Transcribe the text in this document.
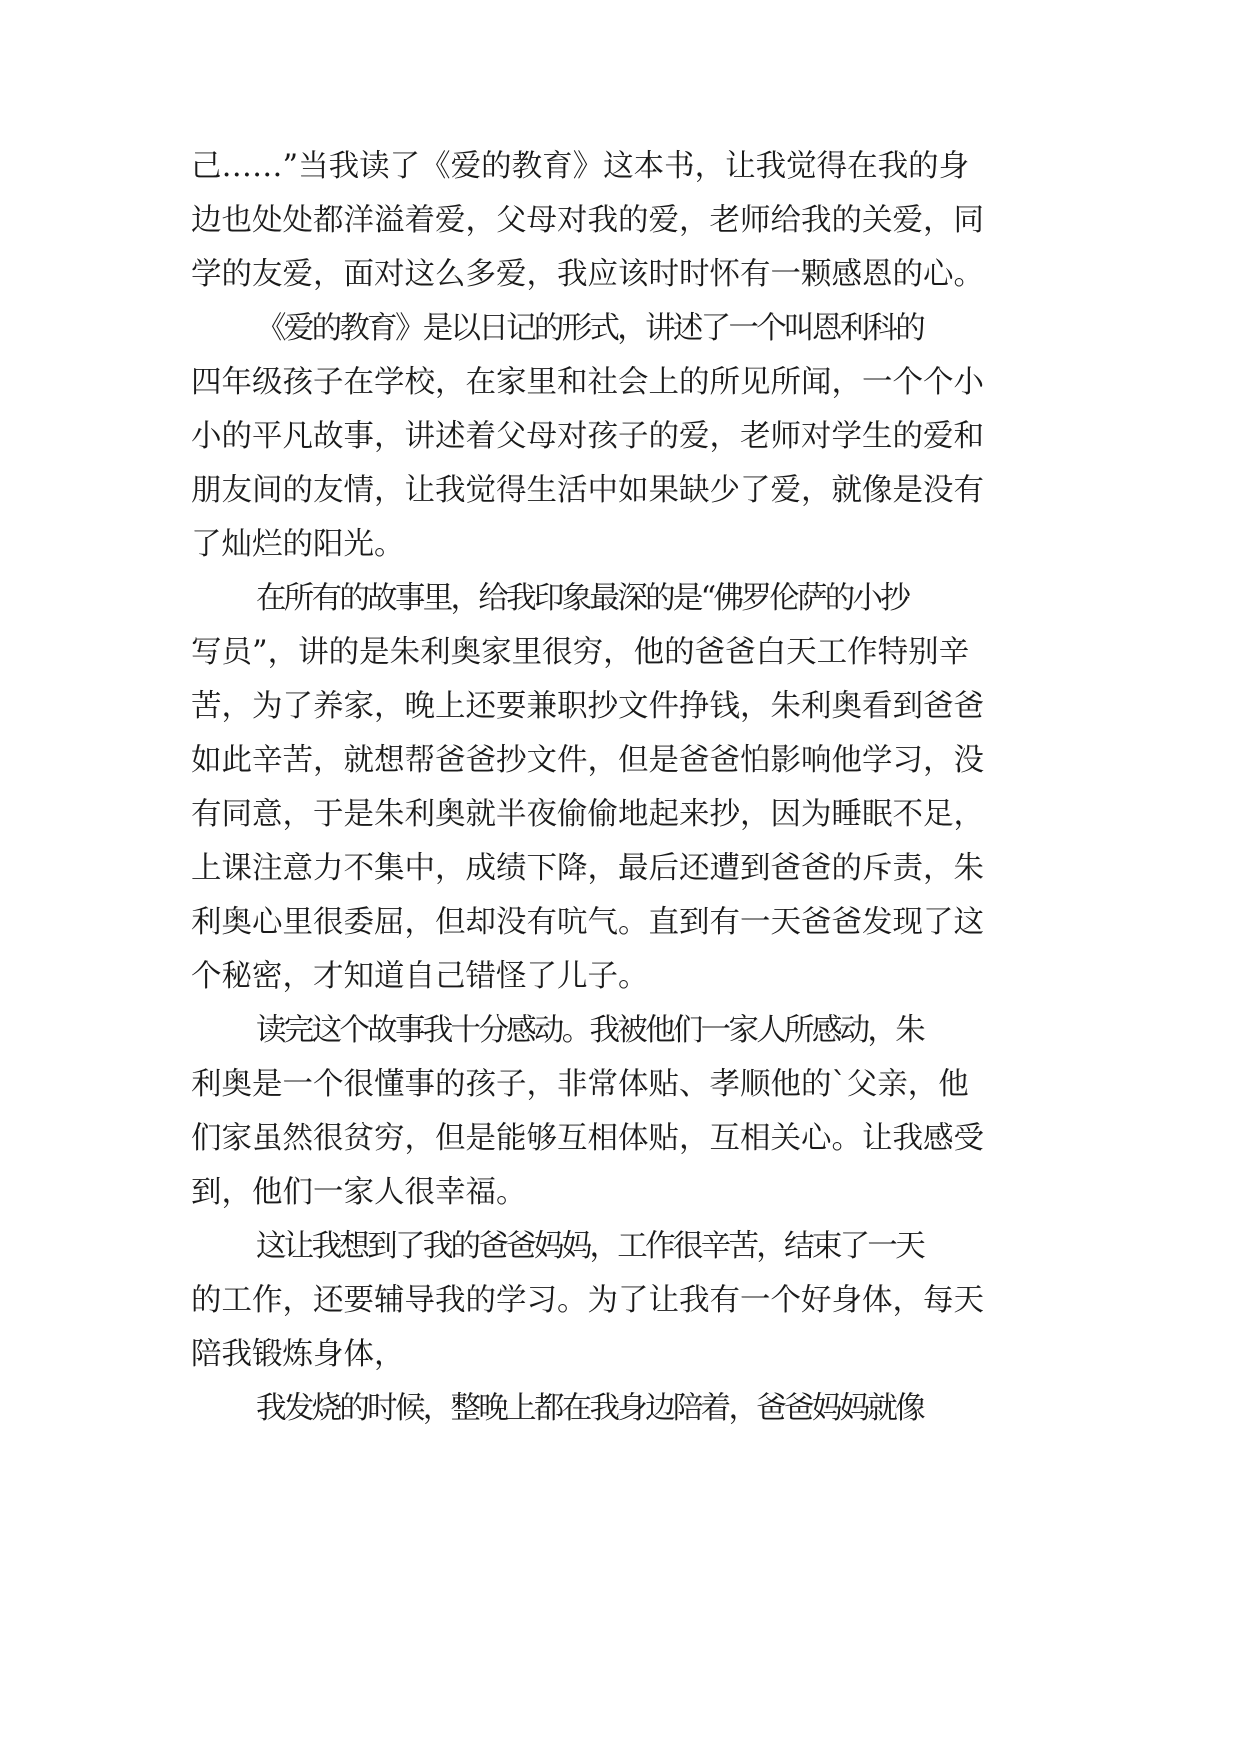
己……”当我读了《爱的教育》这本书，让我觉得在我的身
边也处处都洋溢着爱，父母对我的爱，老师给我的关爱，同
学的友爱，面对这么多爱，我应该时时怀有一颗感恩的心。
《爱的教育》是以日记的形式，讲述了一个叫恩利科的
四年级孩子在学校，在家里和社会上的所见所闻，一个个小
小的平凡故事，讲述着父母对孩子的爱，老师对学生的爱和
朋友间的友情，让我觉得生活中如果缺少了爱，就像是没有
了灿烂的阳光。
在所有的故事里，给我印象最深的是“佛罗伦萨的小抄
写员”，讲的是朱利奥家里很穷，他的爸爸白天工作特别辛
苦，为了养家，晚上还要兼职抄文件挣钱，朱利奥看到爸爸
如此辛苦，就想帮爸爸抄文件，但是爸爸怕影响他学习，没
有同意，于是朱利奥就半夜偷偷地起来抄，因为睡眠不足，
上课注意力不集中，成绩下降，最后还遭到爸爸的斥责，朱
利奥心里很委屈，但却没有吭气。直到有一天爸爸发现了这
个秘密，才知道自己错怪了儿子。
读完这个故事我十分感动。我被他们一家人所感动，朱
利奥是一个很懂事的孩子，非常体贴、孝顺他的`父亲，他
们家虽然很贫穷，但是能够互相体贴，互相关心。让我感受
到，他们一家人很幸福。
这让我想到了我的爸爸妈妈，工作很辛苦，结束了一天
的工作，还要辅导我的学习。为了让我有一个好身体，每天
陪我锻炼身体，
我发烧的时候，整晚上都在我身边陪着，爸爸妈妈就像
